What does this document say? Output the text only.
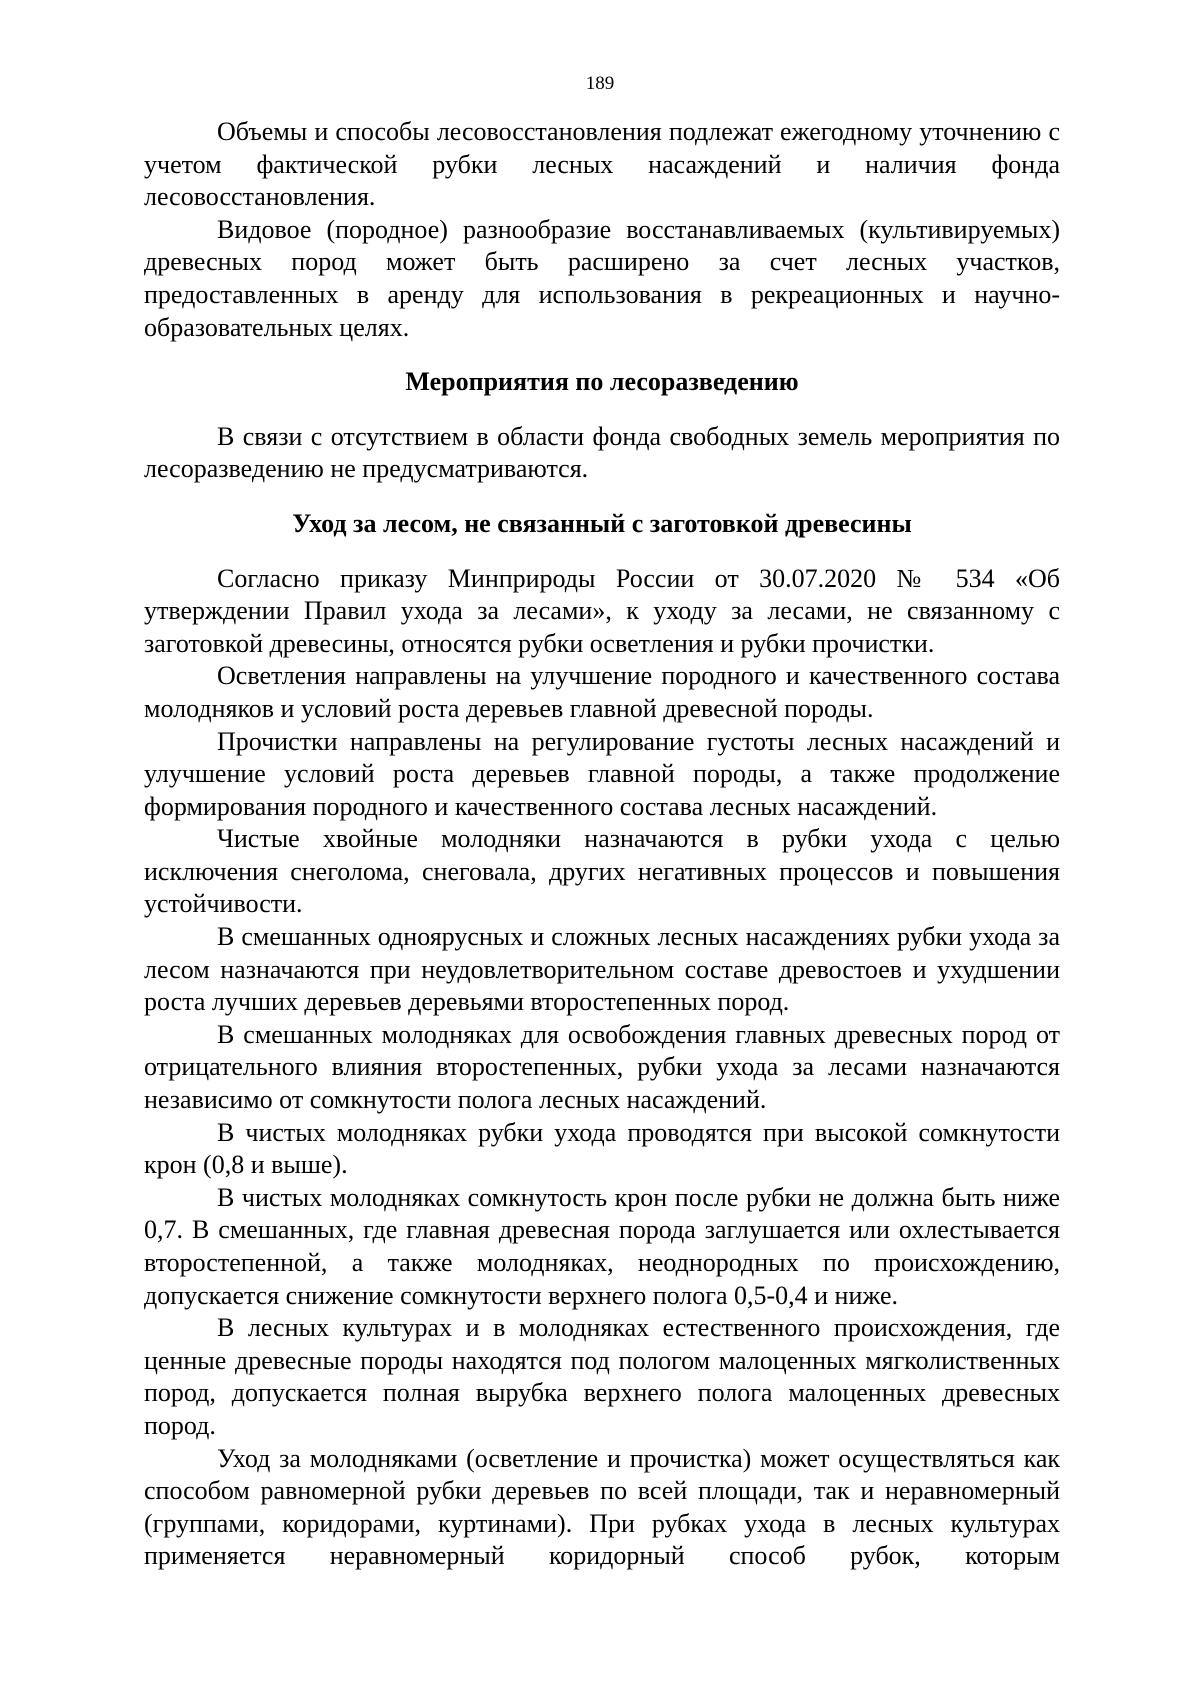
189

Объемы и способы лесовосстановления подлежат ежегодному уточнению с учетом фактической рубки лесных насаждений и наличия фонда лесовосстановления.

Видовое (породное) разнообразие восстанавливаемых (культивируемых) древесных пород может быть расширено за счет лесных участков, предоставленных в аренду для использования в рекреационных и научно-образовательных целях.

Мероприятия по лесоразведению

В связи с отсутствием в области фонда свободных земель мероприятия по лесоразведению не предусматриваются.

Уход за лесом, не связанный с заготовкой древесины

Согласно приказу Минприроды России от 30.07.2020 № 534 «Об утверждении Правил ухода за лесами», к уходу за лесами, не связанному с заготовкой древесины, относятся рубки осветления и рубки прочистки.

Осветления направлены на улучшение породного и качественного состава молодняков и условий роста деревьев главной древесной породы.

Прочистки направлены на регулирование густоты лесных насаждений и улучшение условий роста деревьев главной породы, а также продолжение формирования породного и качественного состава лесных насаждений.

Чистые хвойные молодняки назначаются в рубки ухода с целью исключения снеголома, снеговала, других негативных процессов и повышения устойчивости.

В смешанных одноярусных и сложных лесных насаждениях рубки ухода за лесом назначаются при неудовлетворительном составе древостоев и ухудшении роста лучших деревьев деревьями второстепенных пород.

В смешанных молодняках для освобождения главных древесных пород от отрицательного влияния второстепенных, рубки ухода за лесами назначаются независимо от сомкнутости полога лесных насаждений.

В чистых молодняках рубки ухода проводятся при высокой сомкнутости крон (0,8 и выше).

В чистых молодняках сомкнутость крон после рубки не должна быть ниже 0,7. В смешанных, где главная древесная порода заглушается или охлестывается второстепенной, а также молодняках, неоднородных по происхождению, допускается снижение сомкнутости верхнего полога 0,5-0,4 и ниже.

В лесных культурах и в молодняках естественного происхождения, где ценные древесные породы находятся под пологом малоценных мягколиственных пород, допускается полная вырубка верхнего полога малоценных древесных пород.

Уход за молодняками (осветление и прочистка) может осуществляться как способом равномерной рубки деревьев по всей площади, так и неравномерный (группами, коридорами, куртинами). При рубках ухода в лесных культурах применяется неравномерный коридорный способ рубок, которым
